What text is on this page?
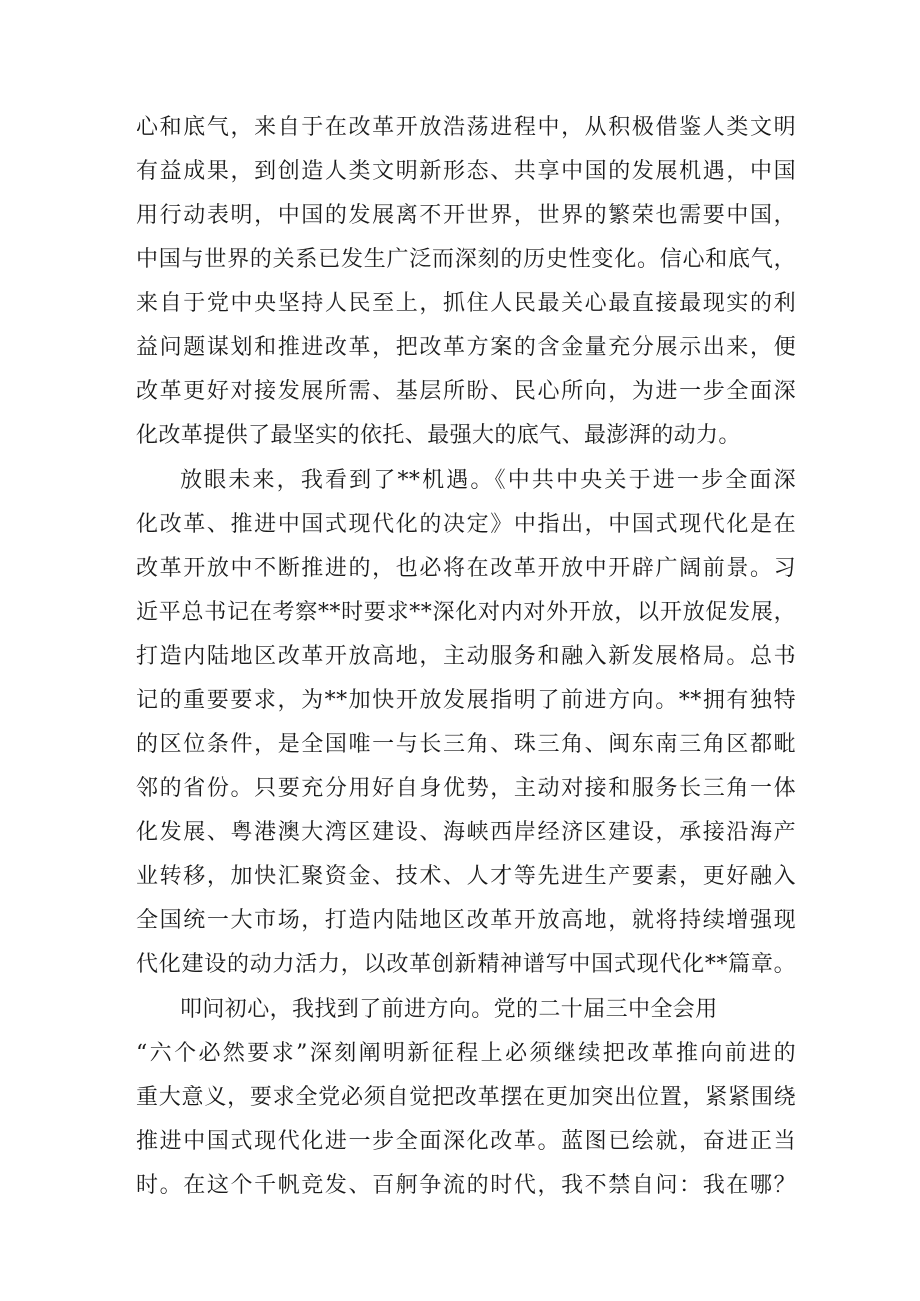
心和底气，来自于在改革开放浩荡进程中，从积极借鉴人类文明
有益成果，到创造人类文明新形态、共享中国的发展机遇，中国
用行动表明，中国的发展离不开世界，世界的繁荣也需要中国，
中国与世界的关系已发生广泛而深刻的历史性变化。信心和底气，
来自于党中央坚持人民至上，抓住人民最关心最直接最现实的利
益问题谋划和推进改革，把改革方案的含金量充分展示出来，便
改革更好对接发展所需、基层所盼、民心所向，为进一步全面深
化改革提供了最坚实的依托、最强大的底气、最澎湃的动力。
放眼未来，我看到了**机遇。《中共中央关于进一步全面深
化改革、推进中国式现代化的决定》中指出，中国式现代化是在
改革开放中不断推进的，也必将在改革开放中开辟广阔前景。习
近平总书记在考察**时要求**深化对内对外开放，以开放促发展，
打造内陆地区改革开放高地，主动服务和融入新发展格局。总书
记的重要要求，为**加快开放发展指明了前进方向。**拥有独特
的区位条件，是全国唯一与长三角、珠三角、闽东南三角区都毗
邻的省份。只要充分用好自身优势，主动对接和服务长三角一体
化发展、粤港澳大湾区建设、海峡西岸经济区建设，承接沿海产
业转移，加快汇聚资金、技术、人才等先进生产要素，更好融入
全国统一大市场，打造内陆地区改革开放高地，就将持续增强现
代化建设的动力活力，以改革创新精神谱写中国式现代化**篇章。
叩问初心，我找到了前进方向。党的二十届三中全会用
“六个必然要求”深刻阐明新征程上必须继续把改革推向前进的
重大意义，要求全党必须自觉把改革摆在更加突出位置，紧紧围绕
推进中国式现代化进一步全面深化改革。蓝图已绘就，奋进正当
时。在这个千帆竞发、百舸争流的时代，我不禁自问：我在哪？
